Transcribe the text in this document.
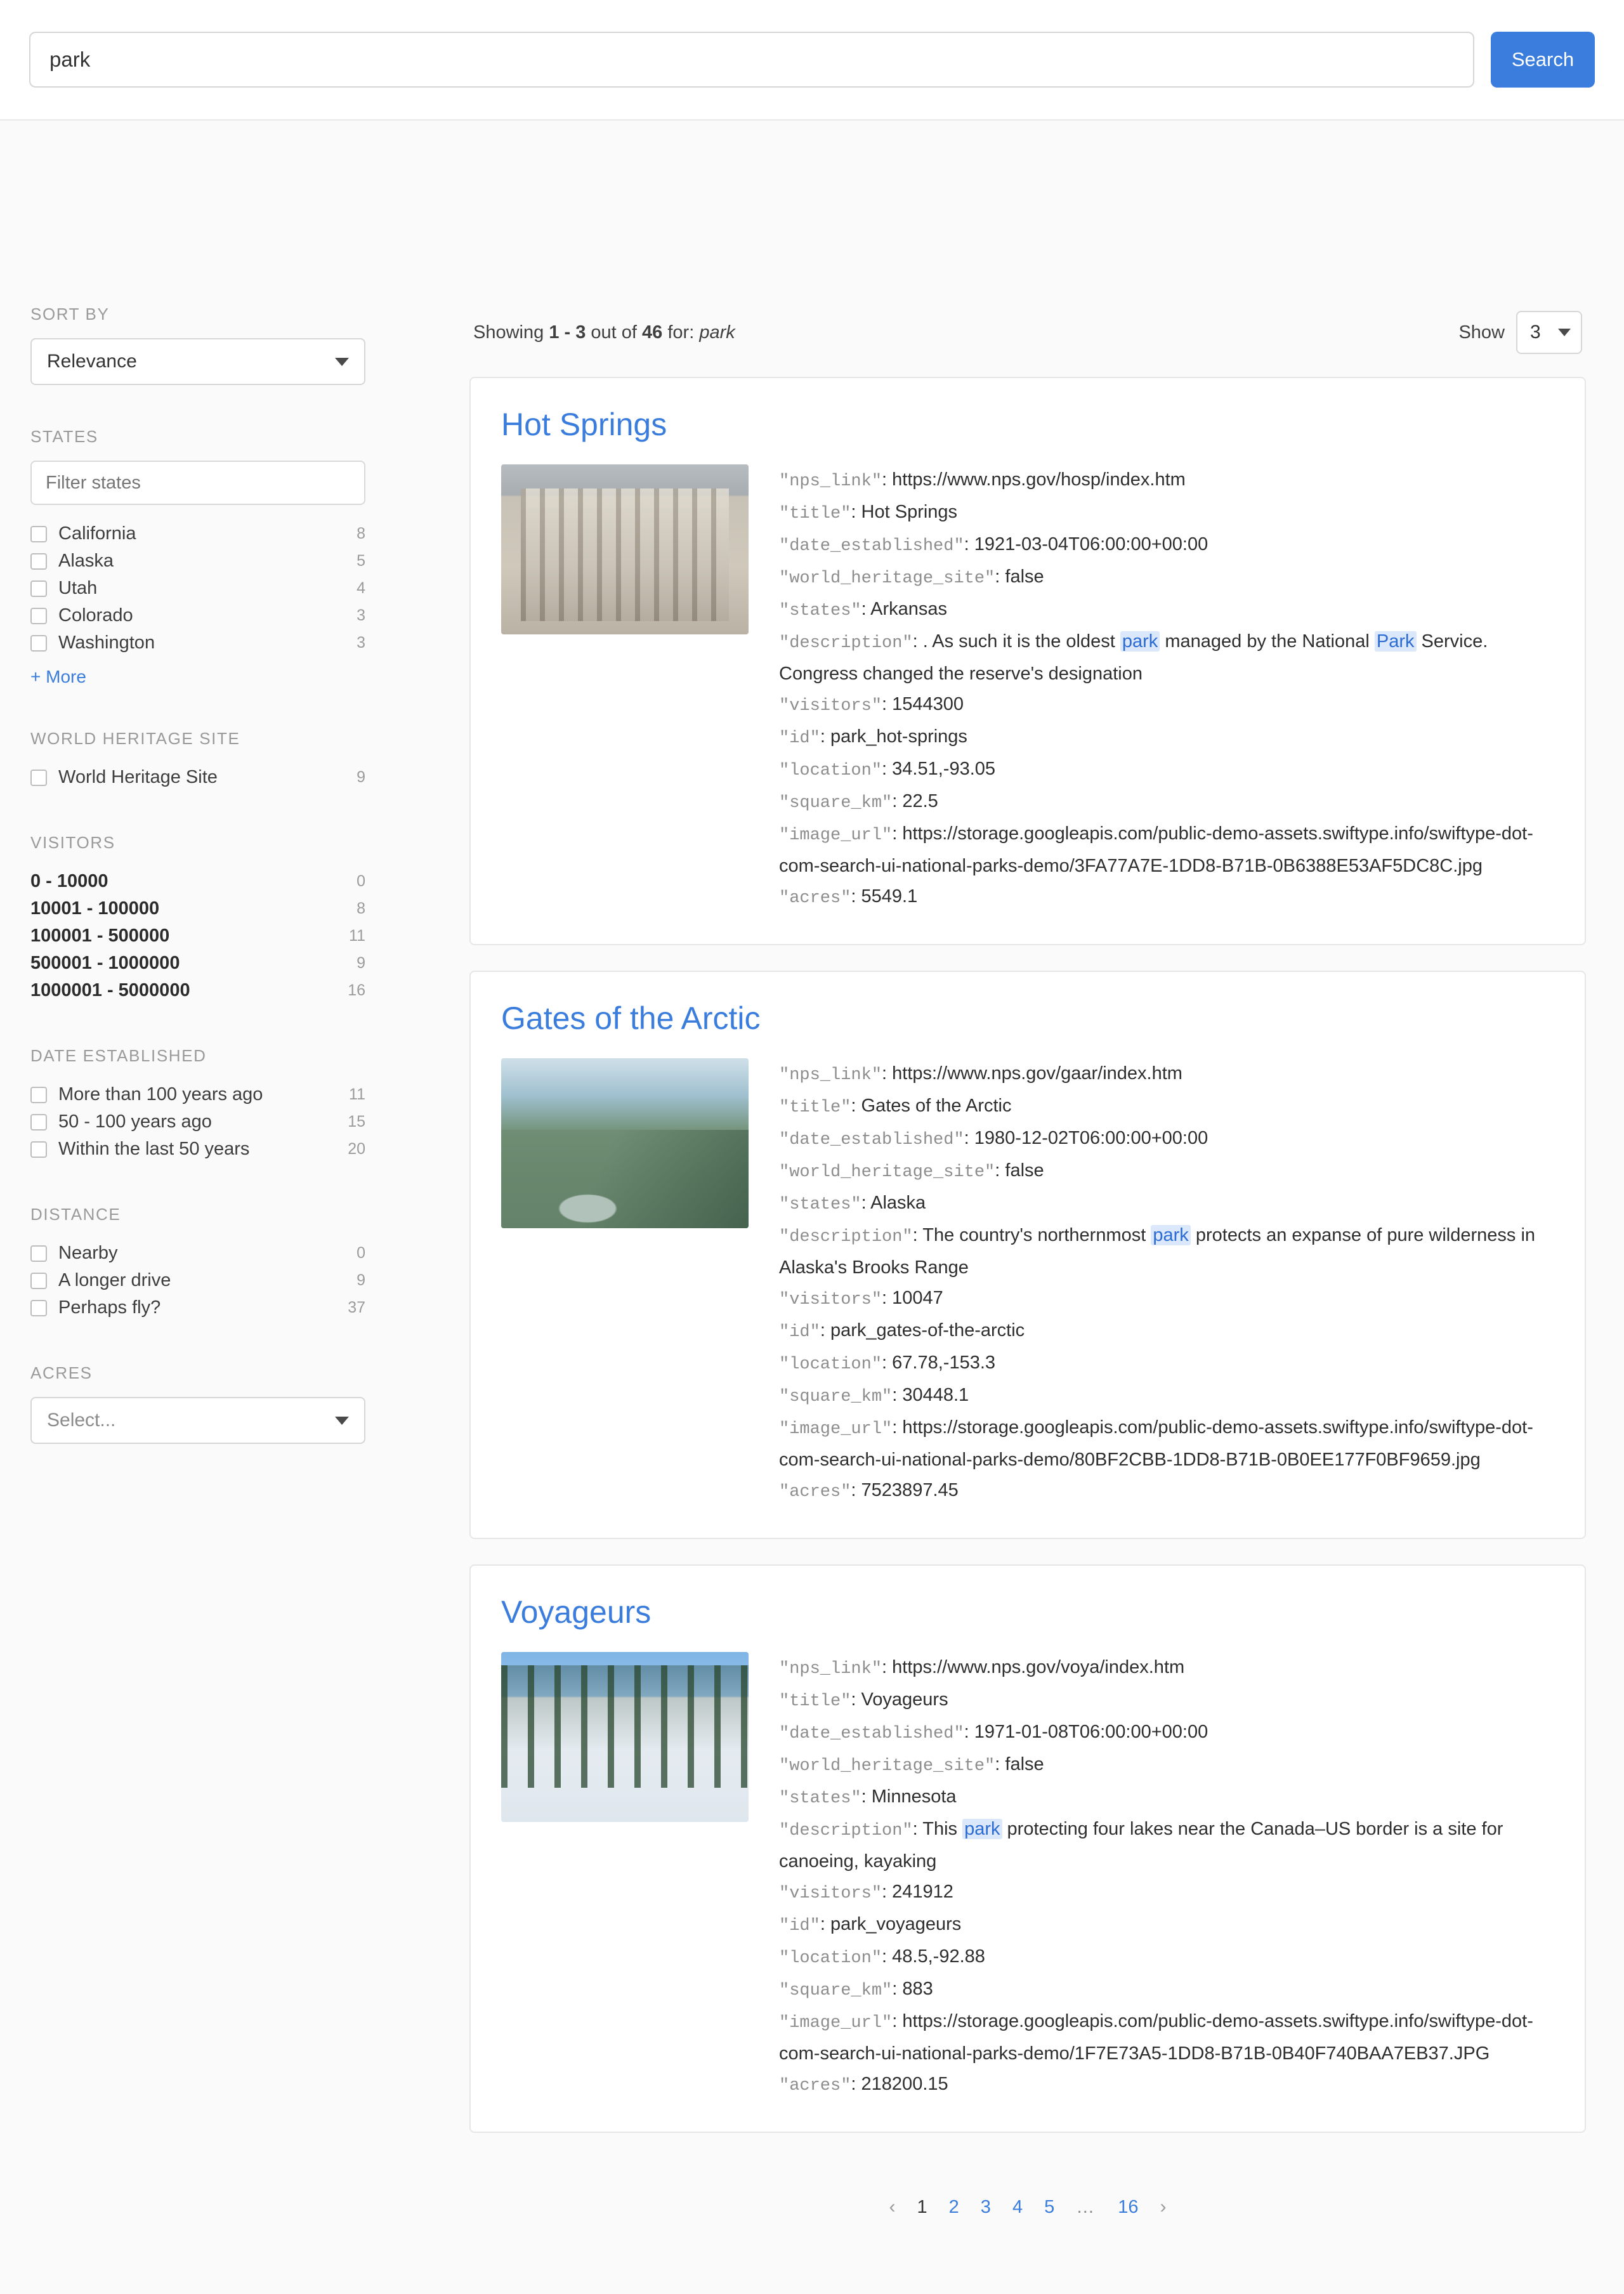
park
Search
SORT BY
Relevance
STATES
Filter states
California	8
Alaska	5
Utah	4
Colorado	3
Washington	3
+ More
WORLD HERITAGE SITE
World Heritage Site	9
VISITORS
0 - 10000	0
10001 - 100000	8
100001 - 500000	11
500001 - 1000000	9
1000001 - 5000000	16
DATE ESTABLISHED
More than 100 years ago	11
50 - 100 years ago	15
Within the last 50 years	20
DISTANCE
Nearby	0
A longer drive	9
Perhaps fly?	37
ACRES
Select...
Showing 1 - 3 out of 46 for: park	Show 3
Hot Springs
"nps_link": https://www.nps.gov/hosp/index.htm
"title": Hot Springs
"date_established": 1921-03-04T06:00:00+00:00
"world_heritage_site": false
"states": Arkansas
"description": . As such it is the oldest park managed by the National Park Service. Congress changed the reserve's designation
"visitors": 1544300
"id": park_hot-springs
"location": 34.51,-93.05
"square_km": 22.5
"image_url": https://storage.googleapis.com/public-demo-assets.swiftype.info/swiftype-dot-com-search-ui-national-parks-demo/3FA77A7E-1DD8-B71B-0B6388E53AF5DC8C.jpg
"acres": 5549.1
Gates of the Arctic
"nps_link": https://www.nps.gov/gaar/index.htm
"title": Gates of the Arctic
"date_established": 1980-12-02T06:00:00+00:00
"world_heritage_site": false
"states": Alaska
"description": The country's northernmost park protects an expanse of pure wilderness in Alaska's Brooks Range
"visitors": 10047
"id": park_gates-of-the-arctic
"location": 67.78,-153.3
"square_km": 30448.1
"image_url": https://storage.googleapis.com/public-demo-assets.swiftype.info/swiftype-dot-com-search-ui-national-parks-demo/80BF2CBB-1DD8-B71B-0B0EE177F0BF9659.jpg
"acres": 7523897.45
Voyageurs
"nps_link": https://www.nps.gov/voya/index.htm
"title": Voyageurs
"date_established": 1971-01-08T06:00:00+00:00
"world_heritage_site": false
"states": Minnesota
"description": This park protecting four lakes near the Canada–US border is a site for canoeing, kayaking
"visitors": 241912
"id": park_voyageurs
"location": 48.5,-92.88
"square_km": 883
"image_url": https://storage.googleapis.com/public-demo-assets.swiftype.info/swiftype-dot-com-search-ui-national-parks-demo/1F7E73A5-1DD8-B71B-0B40F740BAA7EB37.JPG
"acres": 218200.15
‹ 1 2 3 4 5 … 16 ›
